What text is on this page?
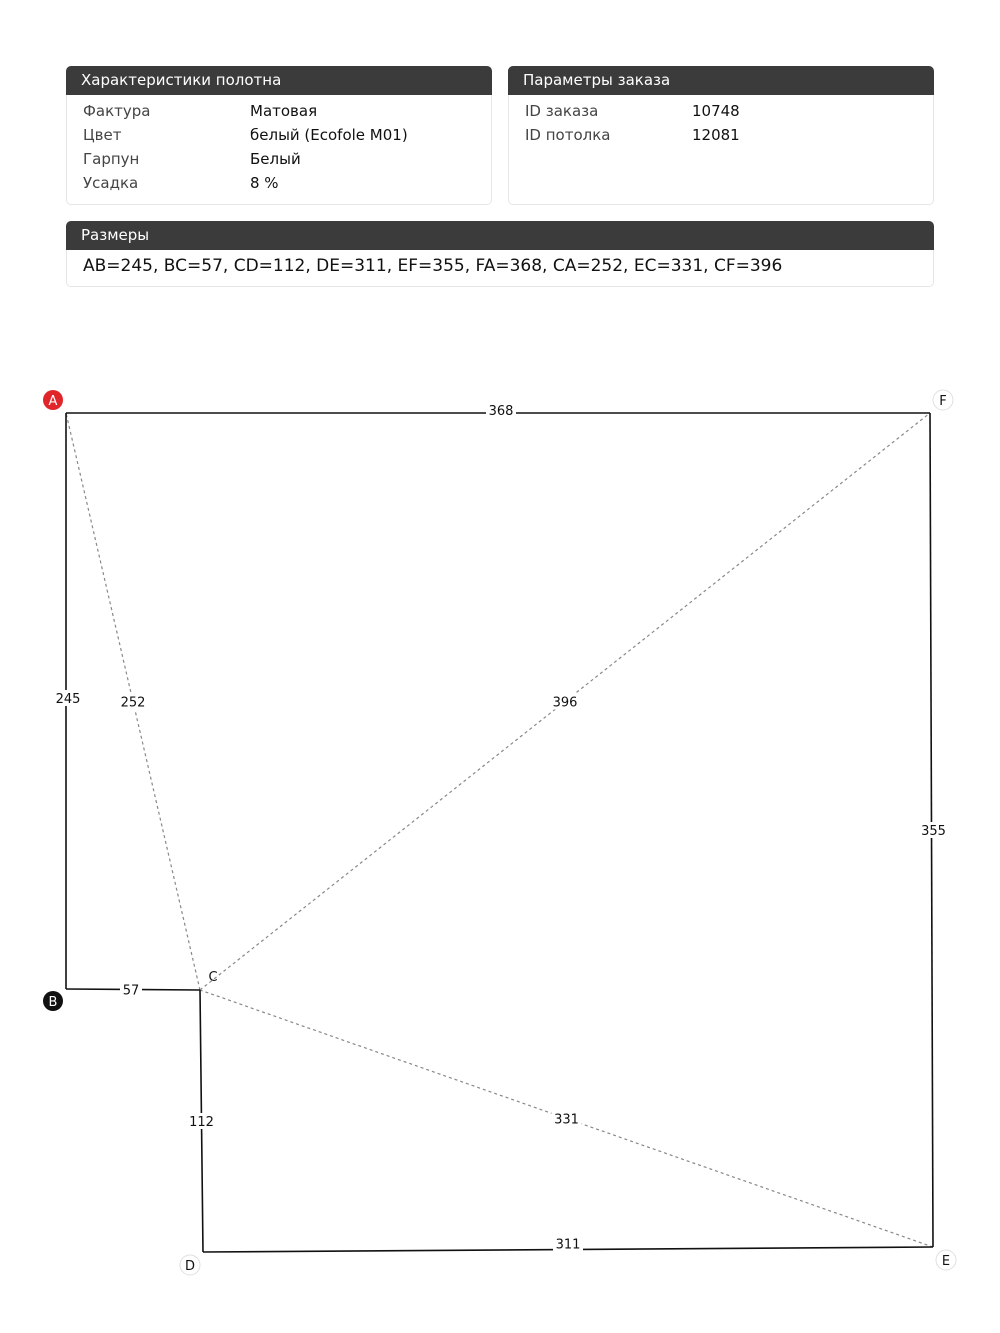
Характеристики полотна
Фактура	Матовая
Цвет	белый (Ecofole M01)
Гарпун	Белый
Усадка	8 %
Параметры заказа
ID заказа	10748
ID потолка	12081
Размеры
AB=245, BC=57, CD=112, DE=311, EF=355, FA=368, CA=252, EC=331, CF=396
245
57
112
311
355
368
252
331
396
A
B
C
D	E
F
